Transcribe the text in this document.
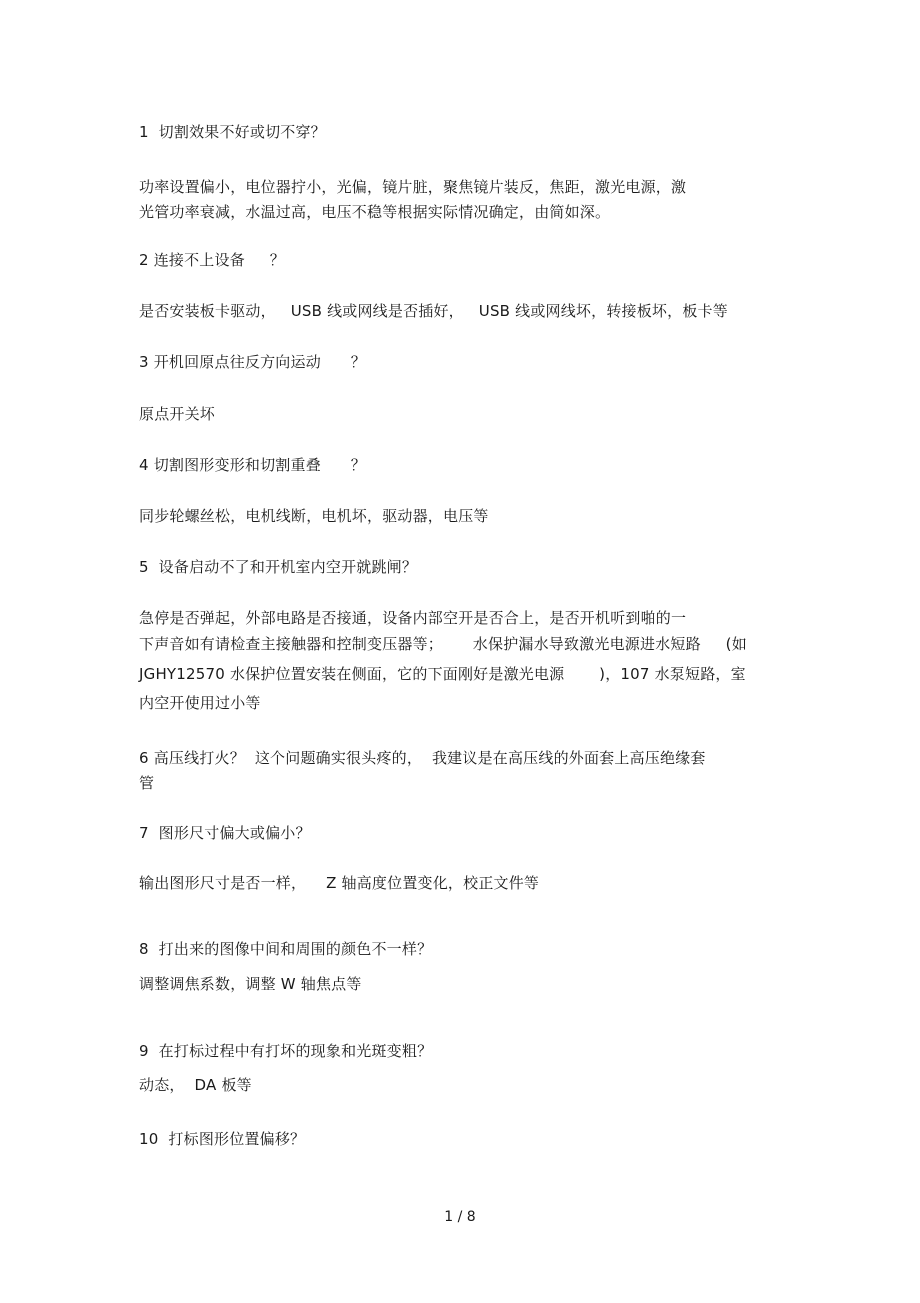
1  切割效果不好或切不穿？
功率设置偏小，电位器拧小，光偏，镜片脏，聚焦镜片装反，焦距，激光电源，激
光管功率衰减，水温过高，电压不稳等根据实际情况确定，由简如深。
2 连接不上设备     ？
是否安装板卡驱动，   USB 线或网线是否插好，   USB 线或网线坏，转接板坏，板卡等
3 开机回原点往反方向运动      ？
原点开关坏
4 切割图形变形和切割重叠      ？
同步轮螺丝松，电机线断，电机坏，驱动器，电压等
5  设备启动不了和开机室内空开就跳闸？
急停是否弹起，外部电路是否接通，设备内部空开是否合上，是否开机听到啪的一
下声音如有请检查主接触器和控制变压器等；      水保护漏水导致激光电源进水短路     (如
JGHY12570 水保护位置安装在侧面，它的下面刚好是激光电源       )，107 水泵短路，室
内空开使用过小等
6 高压线打火？  这个问题确实很头疼的，  我建议是在高压线的外面套上高压绝缘套
管
7  图形尺寸偏大或偏小？
输出图形尺寸是否一样，    Z 轴高度位置变化，校正文件等
8  打出来的图像中间和周围的颜色不一样？
调整调焦系数，调整 W 轴焦点等
9  在打标过程中有打坏的现象和光斑变粗？
动态，  DA 板等
10  打标图形位置偏移？
1 / 8
